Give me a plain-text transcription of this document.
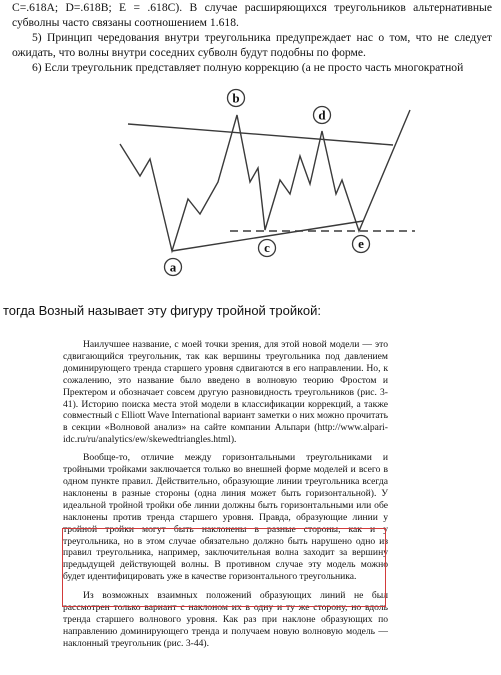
C=.618A; D=.618B; E = .618C). В случае расширяющихся треугольников альтернативные субволны часто связаны соотношением 1.618.

5) Принцип чередования внутри треугольника предупреждает нас о том, что не следует ожидать, что волны внутри соседних субволн будут подобны по форме.

6) Если треугольник представляет полную коррекцию (а не просто часть многократной

a
b
c
d
e
тогда Возный называет эту фигуру тройной тройкой:

Наилучшее название, с моей точки зрения, для этой новой модели — это сдвигающийся треугольник, так как вершины треугольника под давлением доминирующего тренда старшего уровня сдвигаются в его направлении. Но, к сожалению, это название было введено в волновую теорию Фростом и Пректером и обозначает совсем другую разновидность треугольников (рис. 3-41). Историю поиска места этой модели в классификации коррекций, а также совместный с Elliott Wave International вариант заметки о них можно прочитать в секции «Волновой анализ» на сайте компании Альпари (http://www.alpari-idc.ru/ru/analytics/ew/skewedtriangles.html).

Вообще-то, отличие между горизонтальными треугольниками и тройными тройками заключается только во внешней форме моделей и всего в одном пункте правил. Действительно, образующие линии треугольника всегда наклонены в разные стороны (одна линия может быть горизонтальной). У идеальной тройной тройки обе линии должны быть горизонтальными или обе наклонены против тренда старшего уровня. Правда, образующие линии у тройной тройки могут быть наклонены в разные стороны, как и у треугольника, но в этом случае обязательно должно быть нарушено одно из правил треугольника, например, заключительная волна заходит за вершину предыдущей действующей волны. В противном случае эту модель можно будет идентифицировать уже в качестве горизонтального треугольника.

Из возможных взаимных положений образующих линий не был рассмотрен только вариант с наклоном их в одну и ту же сторону, но вдоль тренда старшего волнового уровня. Как раз при наклоне образующих по направлению доминирующего тренда и получаем новую волновую модель — наклонный треугольник (рис. 3-44).
